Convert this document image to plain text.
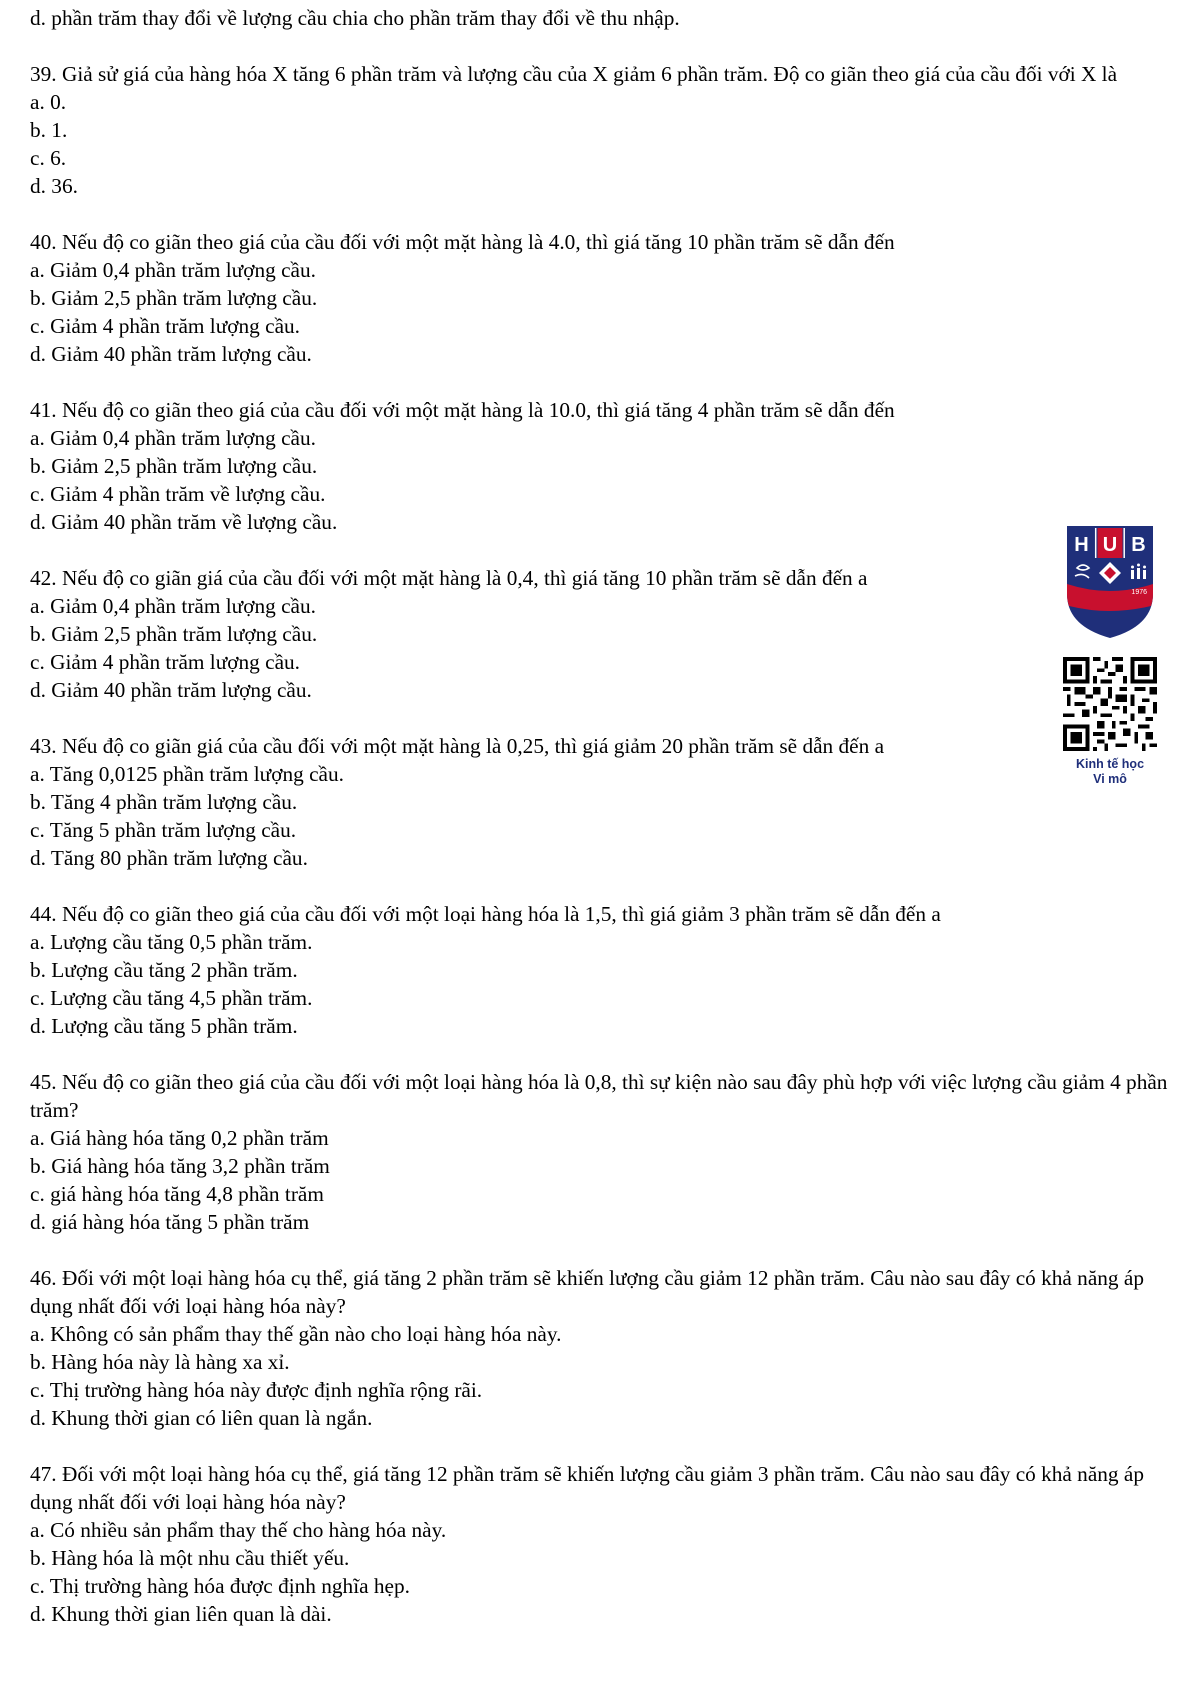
d. phần trăm thay đổi về lượng cầu chia cho phần trăm thay đổi về thu nhập.

39. Giả sử giá của hàng hóa X tăng 6 phần trăm và lượng cầu của X giảm 6 phần trăm. Độ co giãn theo giá của cầu đối với X là

a. 0.

b. 1.

c. 6.

d. 36.

40. Nếu độ co giãn theo giá của cầu đối với một mặt hàng là 4.0, thì giá tăng 10 phần trăm sẽ dẫn đến

a. Giảm 0,4 phần trăm lượng cầu.

b. Giảm 2,5 phần trăm lượng cầu.

c. Giảm 4 phần trăm lượng cầu.

d. Giảm 40 phần trăm lượng cầu.

41. Nếu độ co giãn theo giá của cầu đối với một mặt hàng là 10.0, thì giá tăng 4 phần trăm sẽ dẫn đến

a. Giảm 0,4 phần trăm lượng cầu.

b. Giảm 2,5 phần trăm lượng cầu.

c. Giảm 4 phần trăm về lượng cầu.

d. Giảm 40 phần trăm về lượng cầu.

42. Nếu độ co giãn giá của cầu đối với một mặt hàng là 0,4, thì giá tăng 10 phần trăm sẽ dẫn đến a

a. Giảm 0,4 phần trăm lượng cầu.

b. Giảm 2,5 phần trăm lượng cầu.

c. Giảm 4 phần trăm lượng cầu.

d. Giảm 40 phần trăm lượng cầu.

43. Nếu độ co giãn giá của cầu đối với một mặt hàng là 0,25, thì giá giảm 20 phần trăm sẽ dẫn đến a

a. Tăng 0,0125 phần trăm lượng cầu.

b. Tăng 4 phần trăm lượng cầu.

c. Tăng 5 phần trăm lượng cầu.

d. Tăng 80 phần trăm lượng cầu.

44. Nếu độ co giãn theo giá của cầu đối với một loại hàng hóa là 1,5, thì giá giảm 3 phần trăm sẽ dẫn đến a

a. Lượng cầu tăng 0,5 phần trăm.

b. Lượng cầu tăng 2 phần trăm.

c. Lượng cầu tăng 4,5 phần trăm.

d. Lượng cầu tăng 5 phần trăm.

45. Nếu độ co giãn theo giá của cầu đối với một loại hàng hóa là 0,8, thì sự kiện nào sau đây phù hợp với việc lượng cầu giảm 4 phần trăm?

a. Giá hàng hóa tăng 0,2 phần trăm

b. Giá hàng hóa tăng 3,2 phần trăm

c. giá hàng hóa tăng 4,8 phần trăm

d. giá hàng hóa tăng 5 phần trăm

46. Đối với một loại hàng hóa cụ thể, giá tăng 2 phần trăm sẽ khiến lượng cầu giảm 12 phần trăm. Câu nào sau đây có khả năng áp dụng nhất đối với loại hàng hóa này?

a. Không có sản phẩm thay thế gần nào cho loại hàng hóa này.

b. Hàng hóa này là hàng xa xỉ.

c. Thị trường hàng hóa này được định nghĩa rộng rãi.

d. Khung thời gian có liên quan là ngắn.

47. Đối với một loại hàng hóa cụ thể, giá tăng 12 phần trăm sẽ khiến lượng cầu giảm 3 phần trăm. Câu nào sau đây có khả năng áp dụng nhất đối với loại hàng hóa này?

a. Có nhiều sản phẩm thay thế cho hàng hóa này.

b. Hàng hóa là một nhu cầu thiết yếu.

c. Thị trường hàng hóa được định nghĩa hẹp.

d. Khung thời gian liên quan là dài.

H U B
1976
Kinh tế học
Vi mô
